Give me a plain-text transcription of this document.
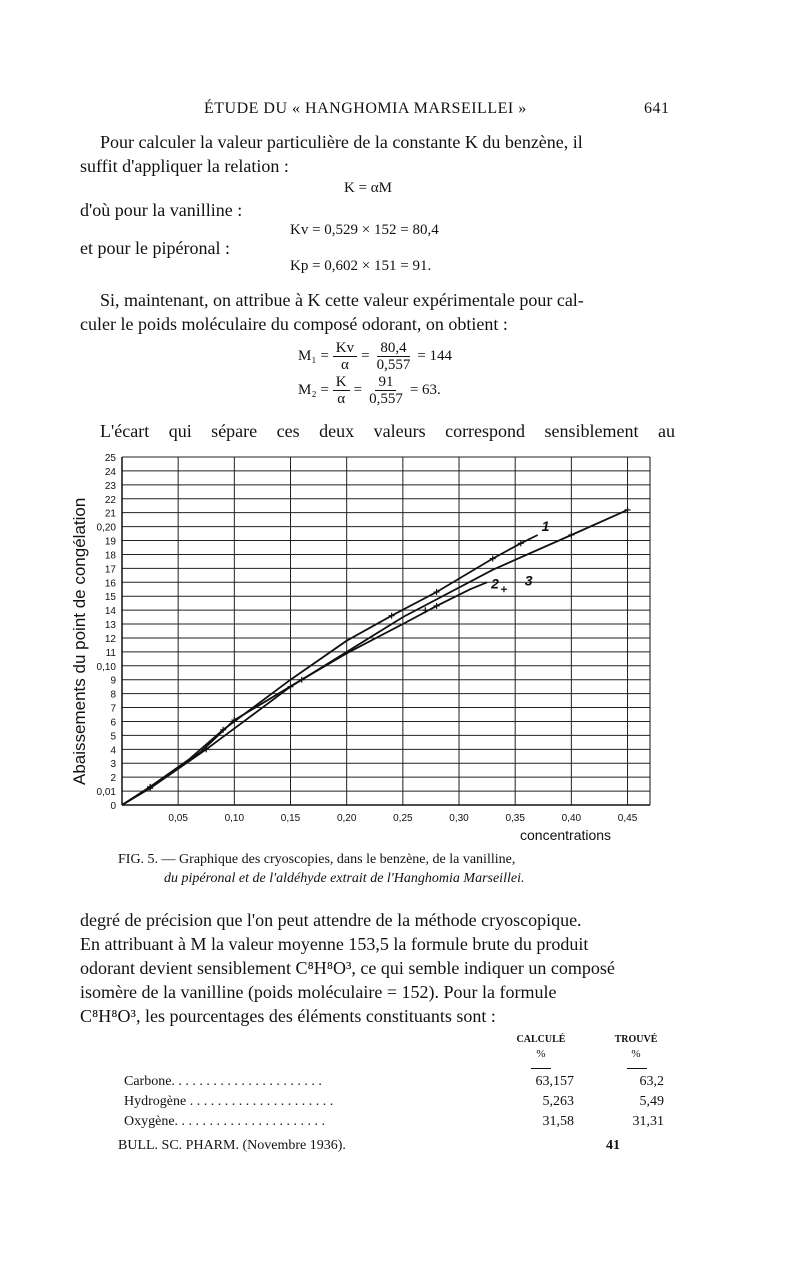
ÉTUDE DU « HANGHOMIA MARSEILLEI »	641
Pour calculer la valeur particulière de la constante K du benzène, il
suffit d'appliquer la relation :
K = αM
d'où pour la vanilline :
Kv = 0,529 × 152 = 80,4
et pour le pipéronal :
Kp = 0,602 × 151 = 91.
Si, maintenant, on attribue à K cette valeur expérimentale pour cal-
culer le poids moléculaire du composé odorant, on obtient :
$M_1 = \frac{Kv}{\alpha} = \frac{80,4}{0,557} = 144$
$M_2 = \frac{K}{\alpha} = \frac{91}{0,557} = 63$.
L'écart qui sépare ces deux valeurs correspond sensiblement au
0
0,01
2
3
4
5
6
7
8
9
0,10
11
12
13
14
15
16
17
18
19
0,20
21
22
23
24
25
0,05	0,10	0,15	0,20	0,25	0,30	0,35	0,40	0,45
1
2 3
Abaissements du point de congélation
concentrations
FIG. 5. — Graphique des cryoscopies, dans le benzène, de la vanilline,
du pipéronal et de l'aldéhyde extrait de l'Hanghomia Marseillei.
degré de précision que l'on peut attendre de la méthode cryoscopique.
En attribuant à M la valeur moyenne 153,5 la formule brute du produit
odorant devient sensiblement C⁸H⁸O³, ce qui semble indiquer un composé
isomère de la vanilline (poids moléculaire = 152). Pour la formule
C⁸H⁸O³, les pourcentages des éléments constituants sont :
CALCULÉ
%
TROUVÉ
%
Carbone. . . . . . . . . . . . . . . . . . . . . .	63,157	63,2
Hydrogène . . . . . . . . . . . . . . . . . . . . .	5,263	5,49
Oxygène. . . . . . . . . . . . . . . . . . . . . .	31,58	31,31
BULL. SC. PHARM. (Novembre 1936).	41
